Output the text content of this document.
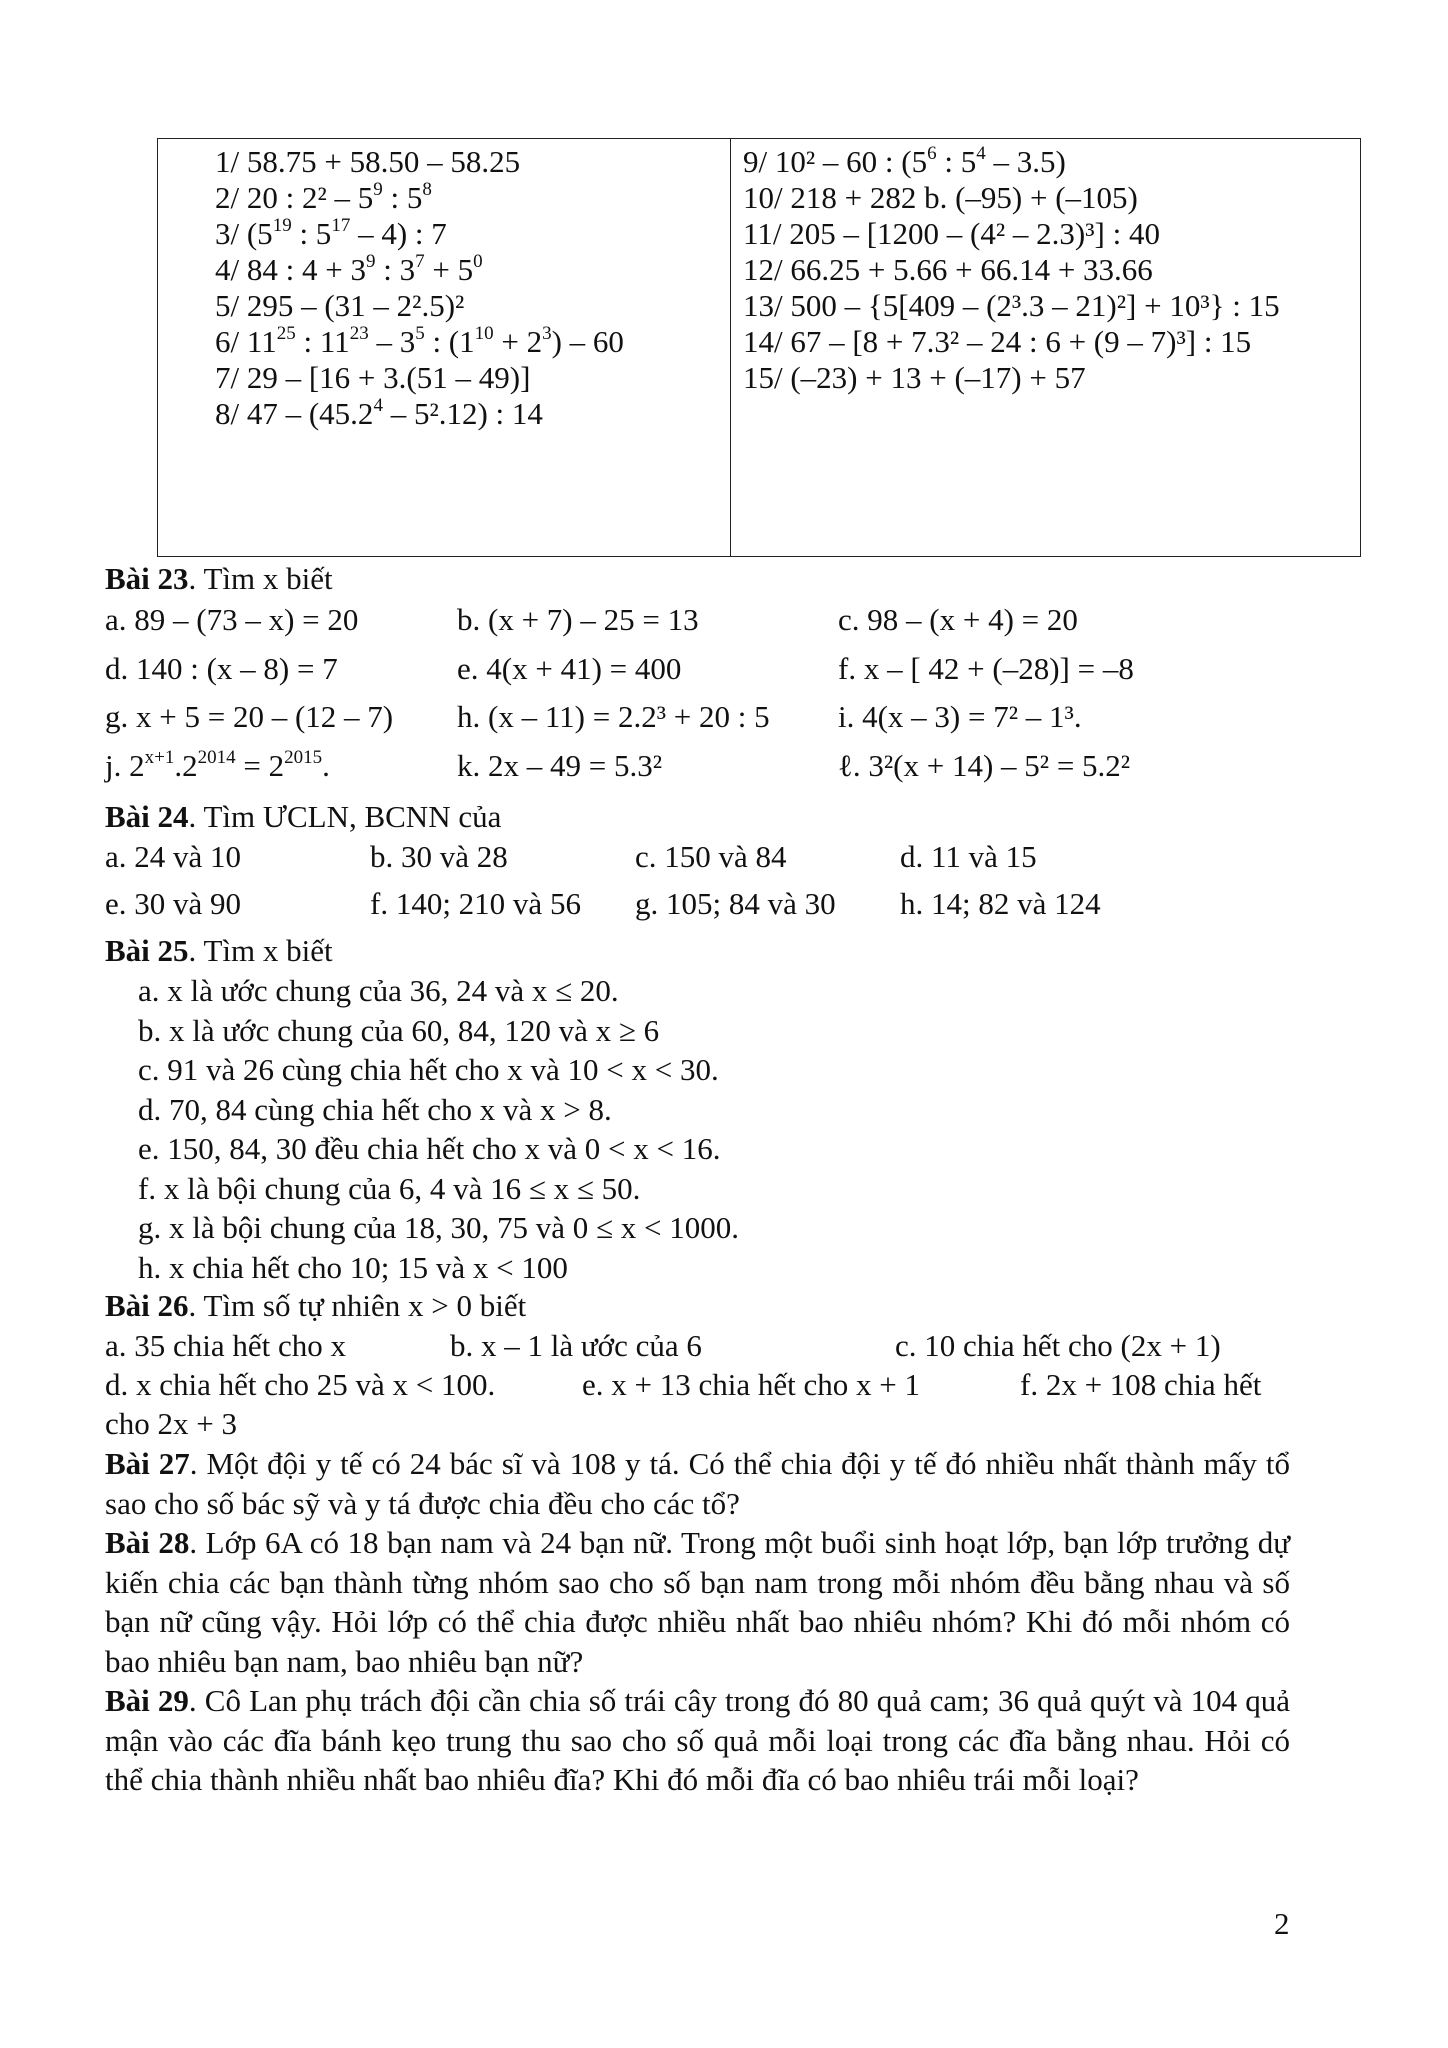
1/ 58.75 + 58.50 – 58.25
2/ 20 : $2^2 - 5^9$ : $5^8$
3/ ($5^{19}$ : $5^{17} - 4$) : 7
4/ 84 : $4 + 3^9$ : $3^7 + 5^0$
5/ 295 – (31 – 2².5)²
6/ $11^{25}$ : $11^{23} - 3^5$ : $(1^{10} + 2^3) - 60$
7/ 29 – [16 + 3.(51 – 49)]
8/ 47 – (45.2$^4$ – 5².12) : 14
9/ 10² – 60 : ($5^6$ : $5^4 - 3.5$)
10/ 218 + 282 b. (–95) + (–105)
11/ 205 – [1200 – (4² – 2.3)³] : 40
12/ 66.25 + 5.66 + 66.14 + 33.66
13/ 500 – {5[409 – (2³.3 – 21)²] + 10³} : 15
14/ 67 – [8 + 7.3² – 24 : 6 + (9 – 7)³] : 15
15/ (–23) + 13 + (–17) + 57
Bài 23. Tìm x biết
a. 89 – (73 – x) = 20	b. (x + 7) – 25 = 13	c. 98 – (x + 4) = 20
d. 140 : (x – 8) = 7	e. 4(x + 41) = 400	f. x – [ 42 + (–28)] = –8
g. x + 5 = 20 – (12 – 7) h. (x – 11) = 2.2³ + 20 : 5 i. 4(x – 3) = 7² – 1³.
j. $2^{x+1}.2^{2014} = 2^{2015}$.	k. 2x – 49 = 5.3²	ℓ. 3²(x + 14) – 5² = 5.2²
Bài 24. Tìm ƯCLN, BCNN của
a. 24 và 10	b. 30 và 28	c. 150 và 84	d. 11 và 15
e. 30 và 90	f. 140; 210 và 56 g. 105; 84 và 30 h. 14; 82 và 124
Bài 25. Tìm x biết
a. x là ước chung của 36, 24 và x ≤ 20.
b. x là ước chung của 60, 84, 120 và x ≥ 6
c. 91 và 26 cùng chia hết cho x và 10 < x < 30.
d. 70, 84 cùng chia hết cho x và x > 8.
e. 150, 84, 30 đều chia hết cho x và 0 < x < 16.
f. x là bội chung của 6, 4 và 16 ≤ x ≤ 50.
g. x là bội chung của 18, 30, 75 và 0 ≤ x < 1000.
h. x chia hết cho 10; 15 và x < 100
Bài 26. Tìm số tự nhiên x > 0 biết
a. 35 chia hết cho x	b. x – 1 là ước của 6	c. 10 chia hết cho (2x + 1)
d. x chia hết cho 25 và x < 100.	e. x + 13 chia hết cho x + 1	f. 2x + 108 chia hết
cho 2x + 3
Bài 27. Một đội y tế có 24 bác sĩ và 108 y tá. Có thể chia đội y tế đó nhiều nhất thành mấy tổ sao cho số bác sỹ và y tá được chia đều cho các tổ?
Bài 28. Lớp 6A có 18 bạn nam và 24 bạn nữ. Trong một buổi sinh hoạt lớp, bạn lớp trưởng dự kiến chia các bạn thành từng nhóm sao cho số bạn nam trong mỗi nhóm đều bằng nhau và số bạn nữ cũng vậy. Hỏi lớp có thể chia được nhiều nhất bao nhiêu nhóm? Khi đó mỗi nhóm có bao nhiêu bạn nam, bao nhiêu bạn nữ?
Bài 29. Cô Lan phụ trách đội cần chia số trái cây trong đó 80 quả cam; 36 quả quýt và 104 quả mận vào các đĩa bánh kẹo trung thu sao cho số quả mỗi loại trong các đĩa bằng nhau. Hỏi có thể chia thành nhiều nhất bao nhiêu đĩa? Khi đó mỗi đĩa có bao nhiêu trái mỗi loại?
2
